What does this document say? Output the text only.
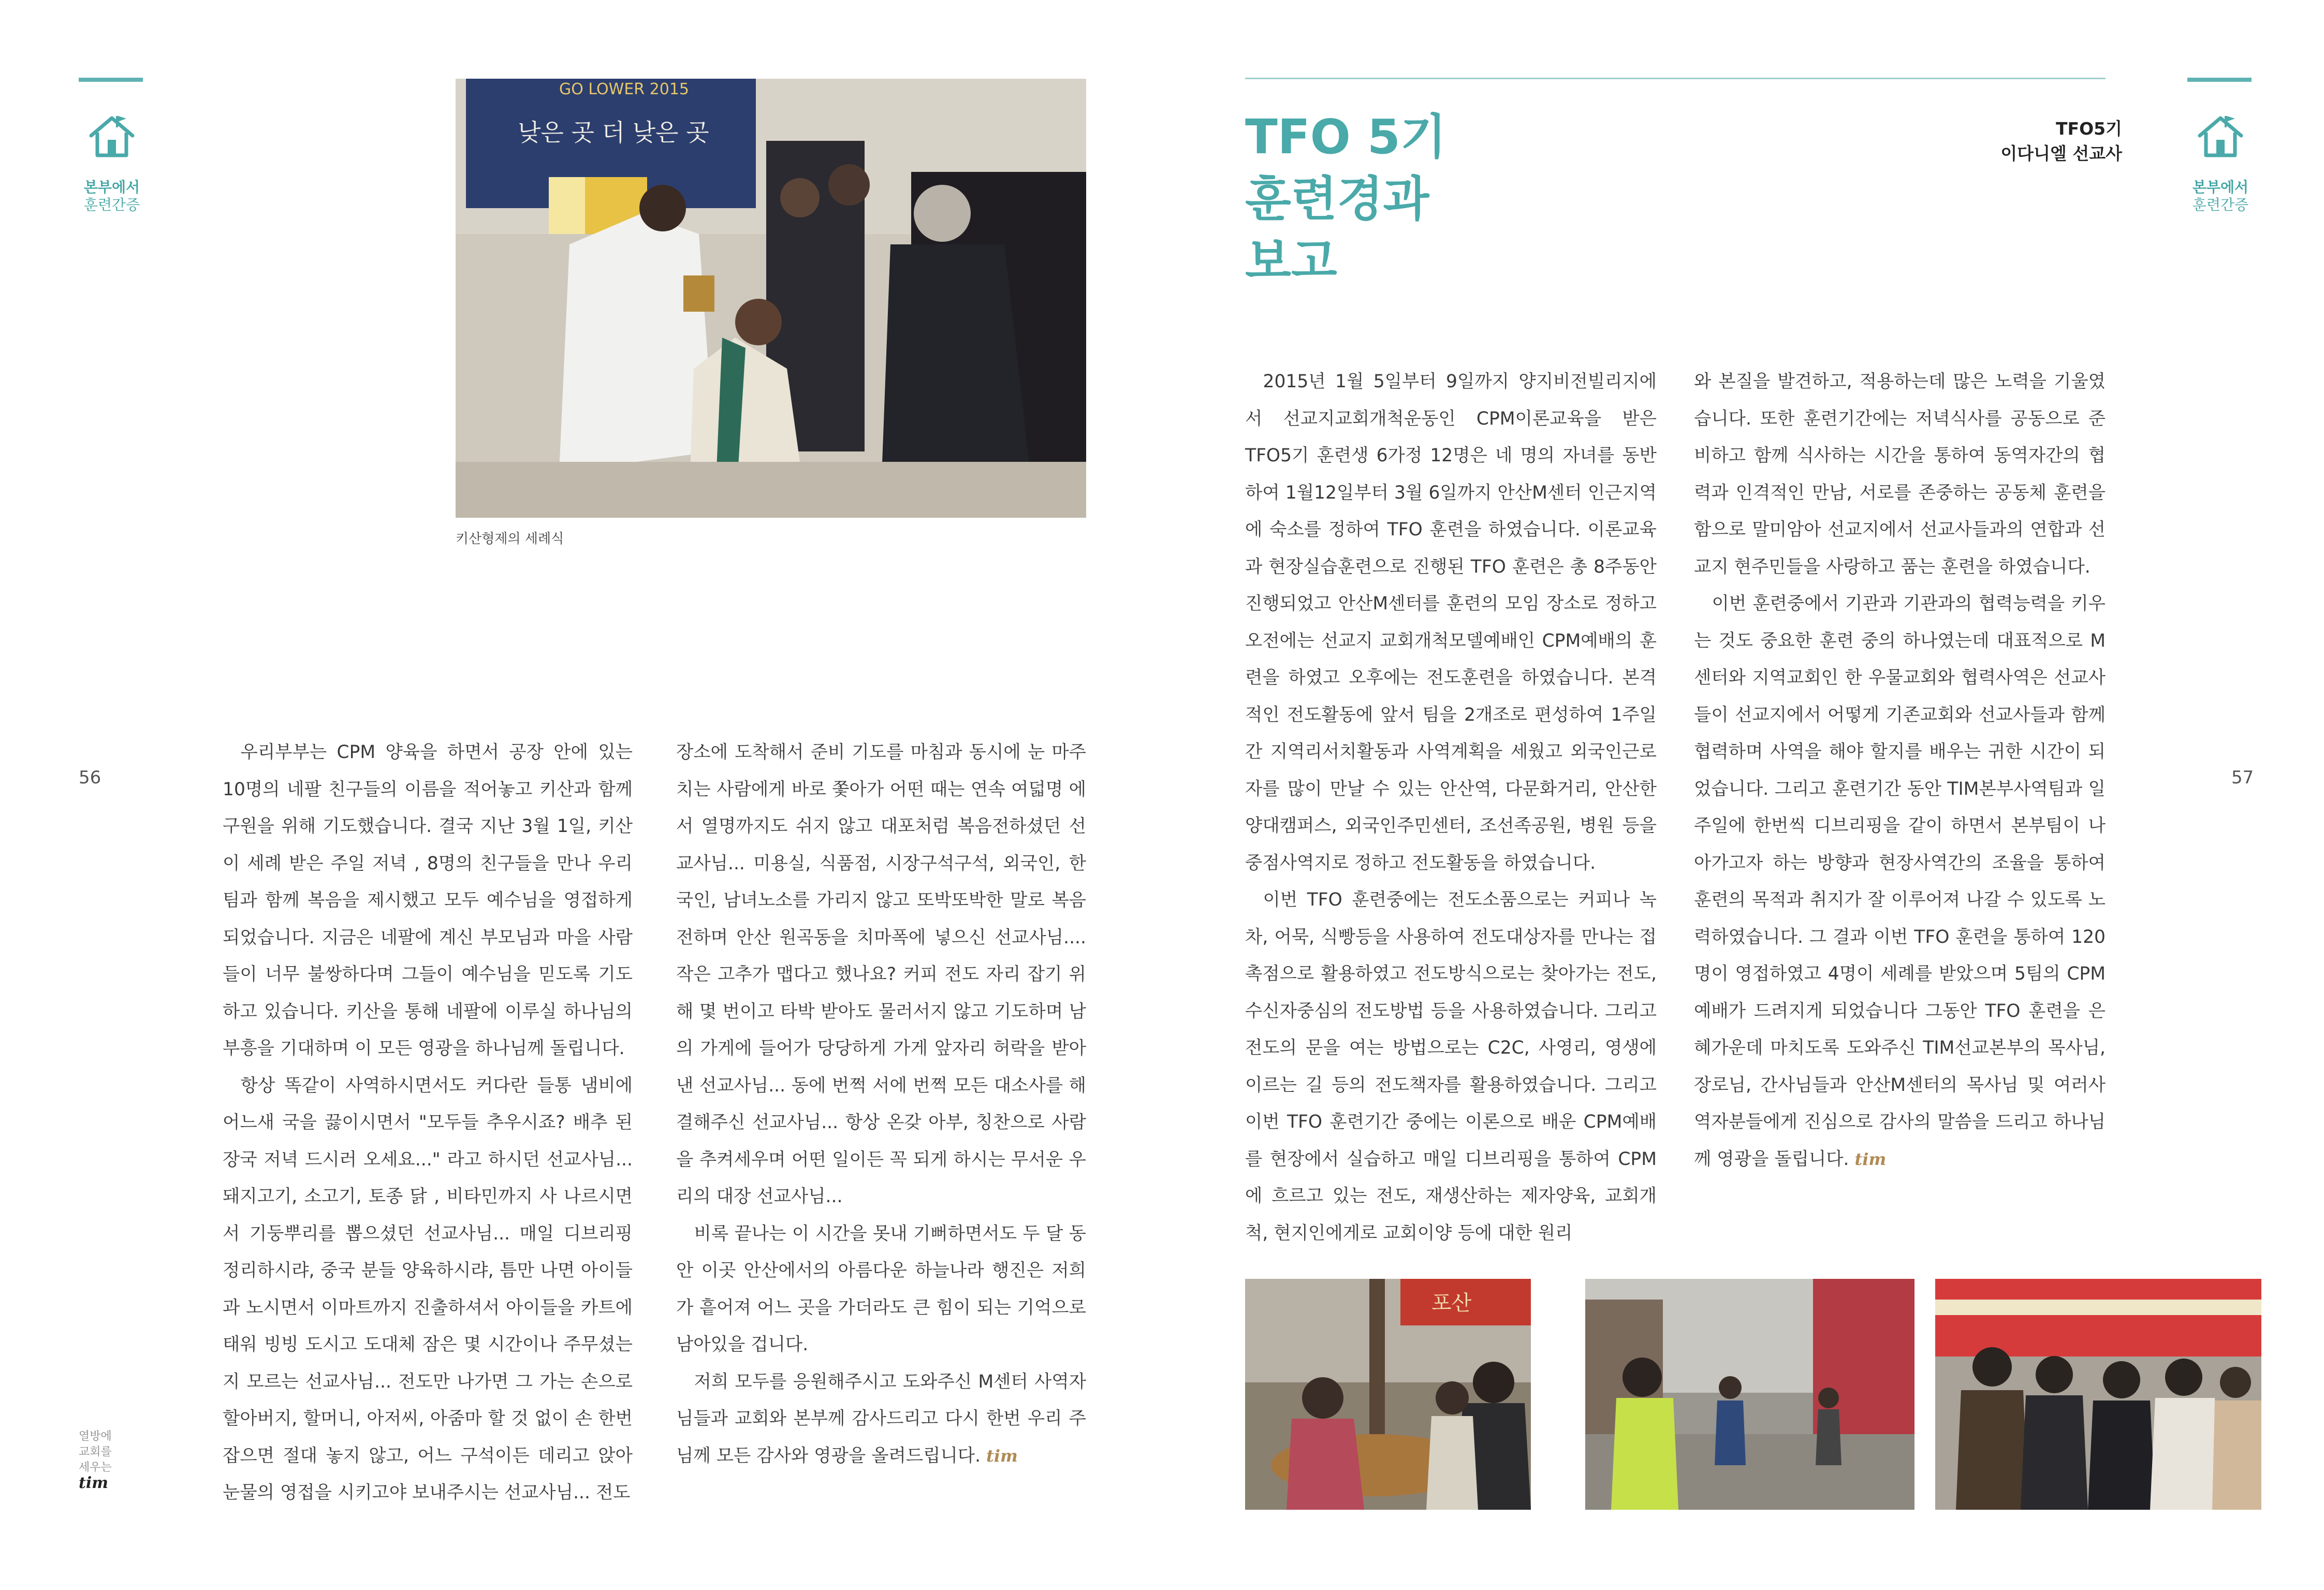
본부에서
훈련간증
56
GO LOWER 2015
낮은 곳 더 낮은 곳
키산형제의 세례식

우리부부는 CPM 양육을 하면서 공장 안에 있는 10명의 네팔 친구들의 이름을 적어놓고 키산과 함께 구원을 위해 기도했습니다. 결국 지난 3월 1일, 키산이 세례 받은 주일 저녁 , 8명의 친구들을 만나 우리 팀과 함께 복음을 제시했고 모두 예수님을 영접하게 되었습니다. 지금은 네팔에 계신 부모님과 마을 사람들이 너무 불쌍하다며 그들이 예수님을 믿도록 기도하고 있습니다. 키산을 통해 네팔에 이루실 하나님의 부흥을 기대하며 이 모든 영광을 하나님께 돌립니다.

항상 똑같이 사역하시면서도 커다란 들통 냄비에 어느새 국을 끓이시면서 "모두들 추우시죠? 배추 된장국 저녁 드시러 오세요..." 라고 하시던 선교사님... 돼지고기, 소고기, 토종 닭 , 비타민까지 사 나르시면서 기둥뿌리를 뽑으셨던 선교사님... 매일 디브리핑 정리하시랴, 중국 분들 양육하시랴, 틈만 나면 아이들과 노시면서 이마트까지 진출하셔서 아이들을 카트에 태워 빙빙 도시고 도대체 잠은 몇 시간이나 주무셨는지 모르는 선교사님... 전도만 나가면 그 가는 손으로 할아버지, 할머니, 아저씨, 아줌마 할 것 없이 손 한번 잡으면 절대 놓지 않고, 어느 구석이든 데리고 앉아 눈물의 영접을 시키고야 보내주시는 선교사님... 전도

장소에 도착해서 준비 기도를 마침과 동시에 눈 마주치는 사람에게 바로 쫓아가 어떤 때는 연속 여덟명 에서 열명까지도 쉬지 않고 대포처럼 복음전하셨던 선교사님... 미용실, 식품점, 시장구석구석, 외국인, 한국인, 남녀노소를 가리지 않고 또박또박한 말로 복음 전하며 안산 원곡동을 치마폭에 넣으신 선교사님.... 작은 고추가 맵다고 했나요? 커피 전도 자리 잡기 위해 몇 번이고 타박 받아도 물러서지 않고 기도하며 남의 가게에 들어가 당당하게 가게 앞자리 허락을 받아낸 선교사님... 동에 번쩍 서에 번쩍 모든 대소사를 해결해주신 선교사님... 항상 온갖 아부, 칭찬으로 사람을 추켜세우며 어떤 일이든 꼭 되게 하시는 무서운 우리의 대장 선교사님...

비록 끝나는 이 시간을 못내 기뻐하면서도 두 달 동안 이곳 안산에서의 아름다운 하늘나라 행진은 저희가 흩어져 어느 곳을 가더라도 큰 힘이 되는 기억으로 남아있을 겁니다.

저희 모두를 응원해주시고 도와주신 M센터 사역자님들과 교회와 본부께 감사드리고 다시 한번 우리 주님께 모든 감사와 영광을 올려드립니다. tim

열방에
교회를
세우는
tim
TFO 5기
훈련경과
보고
TFO5기
이다니엘 선교사
본부에서
훈련간증
57

2015년 1월 5일부터 9일까지 양지비전빌리지에서 선교지교회개척운동인 CPM이론교육을 받은 TFO5기 훈련생 6가정 12명은 네 명의 자녀를 동반하여 1월12일부터 3월 6일까지 안산M센터 인근지역에 숙소를 정하여 TFO 훈련을 하였습니다. 이론교육과 현장실습훈련으로 진행된 TFO 훈련은 총 8주동안 진행되었고 안산M센터를 훈련의 모임 장소로 정하고 오전에는 선교지 교회개척모델예배인 CPM예배의 훈련을 하였고 오후에는 전도훈련을 하였습니다. 본격적인 전도활동에 앞서 팀을 2개조로 편성하여 1주일간 지역리서치활동과 사역계획을 세웠고 외국인근로자를 많이 만날 수 있는 안산역, 다문화거리, 안산한양대캠퍼스, 외국인주민센터, 조선족공원, 병원 등을 중점사역지로 정하고 전도활동을 하였습니다.

이번 TFO 훈련중에는 전도소품으로는 커피나 녹차, 어묵, 식빵등을 사용하여 전도대상자를 만나는 접촉점으로 활용하였고 전도방식으로는 찾아가는 전도, 수신자중심의 전도방법 등을 사용하였습니다. 그리고 전도의 문을 여는 방법으로는 C2C, 사영리, 영생에 이르는 길 등의 전도책자를 활용하였습니다. 그리고 이번 TFO 훈련기간 중에는 이론으로 배운 CPM예배를 현장에서 실습하고 매일 디브리핑을 통하여 CPM에 흐르고 있는 전도, 재생산하는 제자양육, 교회개척, 현지인에게로 교회이양 등에 대한 원리

와 본질을 발견하고, 적용하는데 많은 노력을 기울였습니다. 또한 훈련기간에는 저녁식사를 공동으로 준비하고 함께 식사하는 시간을 통하여 동역자간의 협력과 인격적인 만남, 서로를 존중하는 공동체 훈련을 함으로 말미암아 선교지에서 선교사들과의 연합과 선교지 현주민들을 사랑하고 품는 훈련을 하였습니다.

이번 훈련중에서 기관과 기관과의 협력능력을 키우는 것도 중요한 훈련 중의 하나였는데 대표적으로 M센터와 지역교회인 한 우물교회와 협력사역은 선교사들이 선교지에서 어떻게 기존교회와 선교사들과 함께 협력하며 사역을 해야 할지를 배우는 귀한 시간이 되었습니다. 그리고 훈련기간 동안 TIM본부사역팀과 일주일에 한번씩 디브리핑을 같이 하면서 본부팀이 나아가고자 하는 방향과 현장사역간의 조율을 통하여 훈련의 목적과 취지가 잘 이루어져 나갈 수 있도록 노력하였습니다. 그 결과 이번 TFO 훈련을 통하여 120명이 영접하였고 4명이 세례를 받았으며 5팀의 CPM 예배가 드려지게 되었습니다 그동안 TFO 훈련을 은혜가운데 마치도록 도와주신 TIM선교본부의 목사님, 장로님, 간사님들과 안산M센터의 목사님 및 여러사역자분들에게 진심으로 감사의 말씀을 드리고 하나님께 영광을 돌립니다. tim

포산
